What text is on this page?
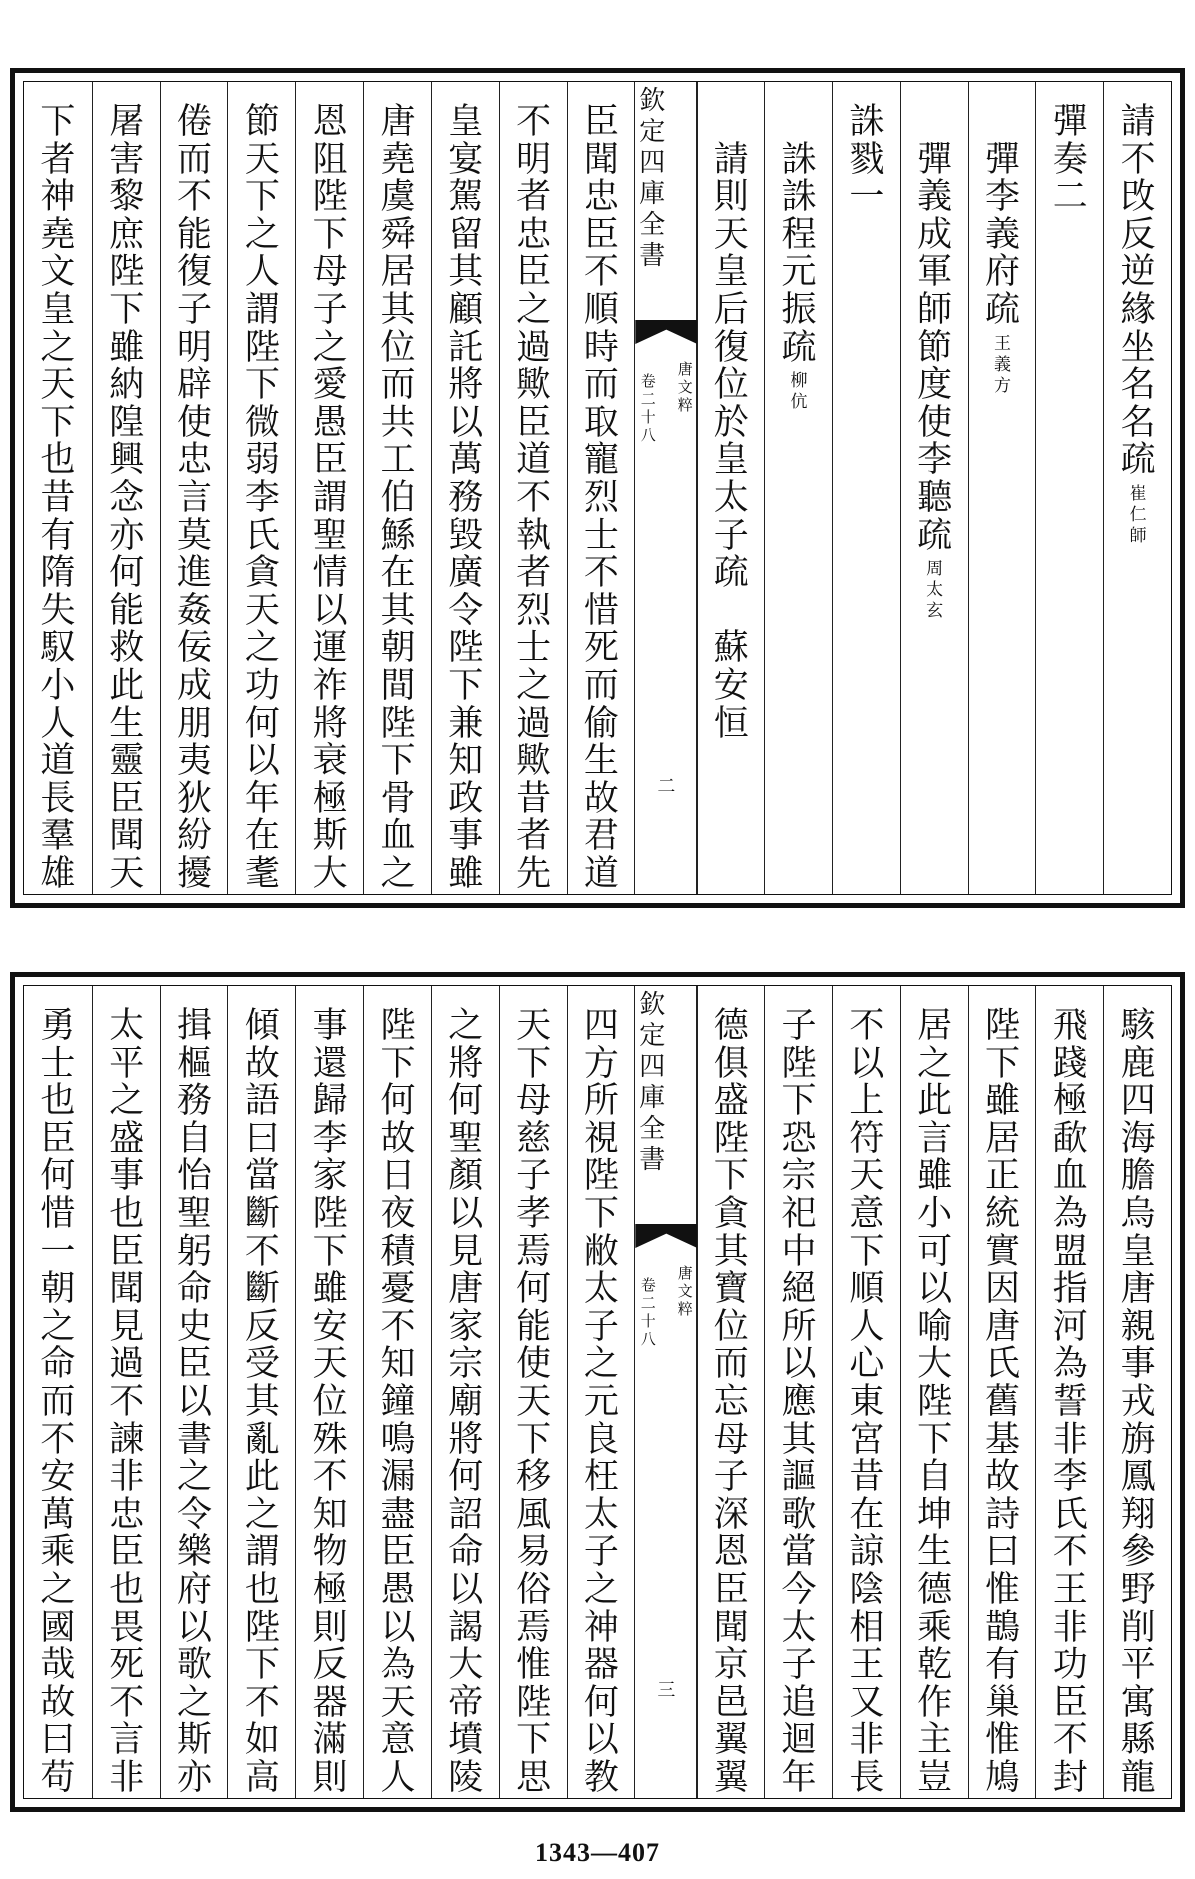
請
不
攺
反
逆
緣
坐
名
名
疏
崔
仁
師
彈
奏
二

彈
李
義
府
疏
王
義
方

彈
義
成
軍
師
節
度
使
李
聽
疏
周
太
玄
誅
戮
一

誅
誅
程
元
振
疏
柳
伉

請
則
天
皇
后
復
位
於
皇
太
子
疏

蘇
安
恒
臣
聞
忠
臣
不
順
時
而
取
寵
烈
士
不
惜
死
而
偷
生
故
君
道
不
明
者
忠
臣
之
過
歟
臣
道
不
執
者
烈
士
之
過
歟
昔
者
先
皇
宴
駕
留
其
顧
託
將
以
萬
務
毀
廣
令
陛
下
兼
知
政
事
雖
唐
堯
虞
舜
居
其
位
而
共
工
伯
鯀
在
其
朝
間
陛
下
骨
血
之
恩
阻
陛
下
母
子
之
愛
愚
臣
謂
聖
情
以
運
祚
將
衰
極
斯
大
節
天
下
之
人
謂
陛
下
微
弱
李
氏
貪
天
之
功
何
以
年
在
耄
倦
而
不
能
復
子
明
辟
使
忠
言
莫
進
姦
佞
成
朋
夷
狄
紛
擾
屠
害
黎
庶
陛
下
雖
納
隍
興
念
亦
何
能
救
此
生
靈
臣
聞
天
下
者
神
堯
文
皇
之
天
下
也
昔
有
隋
失
馭
小
人
道
長
羣
雄
欽
定
四
庫
全
書
唐
文
粹
卷
二
十
八
二
駭
鹿
四
海
膽
烏
皇
唐
親
事
戎
旃
鳳
翔
參
野
削
平
寓
縣
龍
飛
踐
極
歃
血
為
盟
指
河
為
誓
非
李
氏
不
王
非
功
臣
不
封
陛
下
雖
居
正
統
實
因
唐
氏
舊
基
故
詩
曰
惟
鵲
有
巢
惟
鳩
居
之
此
言
雖
小
可
以
喻
大
陛
下
自
坤
生
德
乘
乾
作
主
豈
不
以
上
符
天
意
下
順
人
心
東
宮
昔
在
諒
陰
相
王
又
非
長
子
陛
下
恐
宗
祀
中
絕
所
以
應
其
謳
歌
當
今
太
子
追
迴
年
德
俱
盛
陛
下
貪
其
寶
位
而
忘
母
子
深
恩
臣
聞
京
邑
翼
翼
四
方
所
視
陛
下
敝
太
子
之
元
良
枉
太
子
之
神
器
何
以
教
天
下
母
慈
子
孝
焉
何
能
使
天
下
移
風
易
俗
焉
惟
陛
下
思
之
將
何
聖
顏
以
見
唐
家
宗
廟
將
何
詔
命
以
謁
大
帝
墳
陵
陛
下
何
故
日
夜
積
憂
不
知
鐘
鳴
漏
盡
臣
愚
以
為
天
意
人
事
還
歸
李
家
陛
下
雖
安
天
位
殊
不
知
物
極
則
反
器
滿
則
傾
故
語
曰
當
斷
不
斷
反
受
其
亂
此
之
謂
也
陛
下
不
如
高
揖
樞
務
自
怡
聖
躬
命
史
臣
以
書
之
令
樂
府
以
歌
之
斯
亦
太
平
之
盛
事
也
臣
聞
見
過
不
諫
非
忠
臣
也
畏
死
不
言
非
勇
士
也
臣
何
惜
一
朝
之
命
而
不
安
萬
乘
之
國
哉
故
曰
苟
欽
定
四
庫
全
書
唐
文
粹
卷
二
十
八
三
1343—407
